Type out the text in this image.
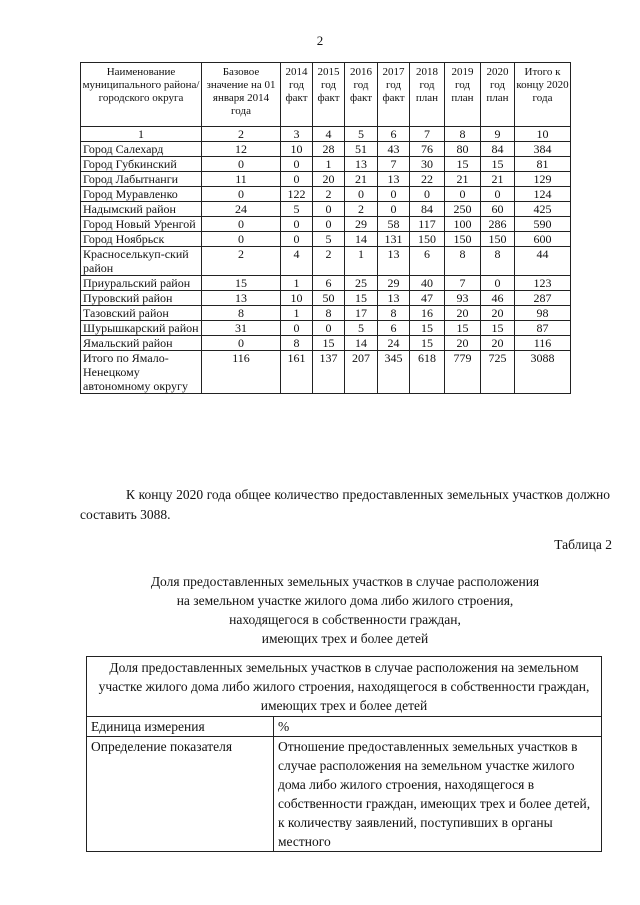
2
Наименование муниципального района/городского округа	Базовое значение на 01 января 2014 года	2014 год факт	2015 год факт	2016 год факт	2017 год факт	2018 год план	2019 год план	2020 год план	Итого к концу 2020 года
1	2	3	4	5	6	7	8	9	10
Город Салехард	12	10	28	51	43	76	80	84	384
Город Губкинский	0	0	1	13	7	30	15	15	81
Город Лабытнанги	11	0	20	21	13	22	21	21	129
Город Муравленко	0	122	2	0	0	0	0	0	124
Надымский район	24	5	0	2	0	84	250	60	425
Город Новый Уренгой	0	0	0	29	58	117	100	286	590
Город Ноябрьск	0	0	5	14	131	150	150	150	600
Красноселькуп-ский район	2	4	2	1	13	6	8	8	44
Приуральский район	15	1	6	25	29	40	7	0	123
Пуровский район	13	10	50	15	13	47	93	46	287
Тазовский район	8	1	8	17	8	16	20	20	98
Шурышкарский район	31	0	0	5	6	15	15	15	87
Ямальский район	0	8	15	14	24	15	20	20	116
Итого по Ямало-Ненецкому автономному округу	116	161	137	207	345	618	779	725	3088
К концу 2020 года общее количество предоставленных земельных участков должно составить 3088.
Таблица 2
Доля предоставленных земельных участков в случае расположения
на земельном участке жилого дома либо жилого строения,
находящегося в собственности граждан,
имеющих трех и более детей
Доля предоставленных земельных участков в случае расположения на земельном участке жилого дома либо жилого строения, находящегося в собственности граждан, имеющих трех и более детей	
Единица измерения	%
Определение показателя	Отношение предоставленных земельных участков в случае расположения на земельном участке жилого дома либо жилого строения, находящегося в собственности граждан, имеющих трех и более детей, к количеству заявлений, поступивших в органы местного
